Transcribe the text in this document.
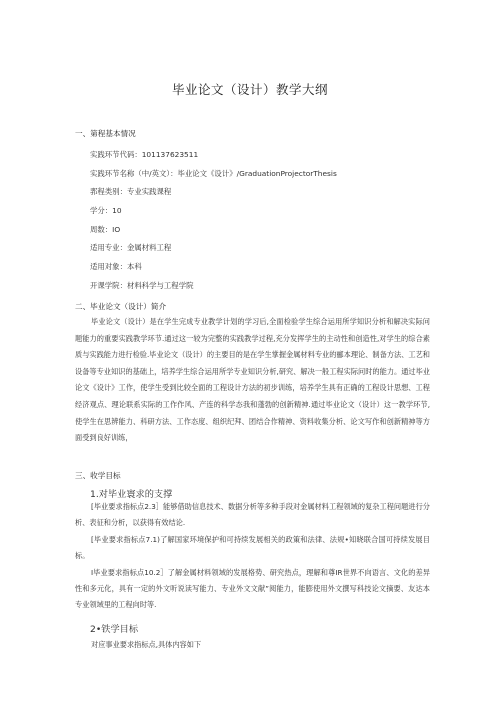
毕业论文（设计）教学大纲
一、第程基本情况
实践环节代码：101137623511
实践环节名称（中/英文）：毕业论文《设计》/GraduationProjectorThesis
郛程类别：专业实践课程
学分：10
周数：IO
适用专业：金属材料工程
适用对象：本科
开课学院：材料科学与工程学院
二、毕业论文（设计）简介

毕业论文（设计）是在学生完成专业教学计划的学习后,全面检验学生综合运用所学知识分析和解决实际问题能力的重要实践教学环节.通过这一较为完整的实践教学过程,充分发挥学生的主动性和创造性,对学生的综合素质与实践能力进行检验.毕业论文（设计）的主要目的是在学生掌握金属材料专业的郦本理论、制备方法、工艺和设备等专业知识的基础上，培养学生综合运用所学专业知识分析,研究、解决一般工程实际问时的能力。通过毕业论文《设计》工作，使学生受到比较全面的工程设计方法的初步训练，培养学生具有正确的工程设计思想、工程经济观点、理论联系实际的工作作风、产连的科学态我和蓬勃的创新精神.通过毕业论文（设计）这一教学环节,使学生在思辨能力、科研方法、工作态度、组织纪拜、团结合作精神、资料收集分析、论文写作和创新精神等方面受到良好训练，

三、收学目标
1.对毕业寰求的支撑

[毕业要求指标点2.3］能够借助信息技术、数据分析等多种手段对金属材料工程领域的复杂工程问题进行分析、表征和分析，以获得有效结论.

[毕业要求指标点7.1)了解国家环境保护和可持续发展相关的政策和法律、法规•知晓联合国可持续发展目标。

I毕业要求指标点10.2］了解金属材料领域的发展格势、研究热点，理解和尊IR世界不向语言、文化的差异性和多元化，具有一定的外文听说读写能力、专业外文文献”阅能力，能膨使用外文撰写科技论文摘要、友达本专业领域里的工程向时等.

2•铁学目标

对应事业要求指标点,具体内容如下
